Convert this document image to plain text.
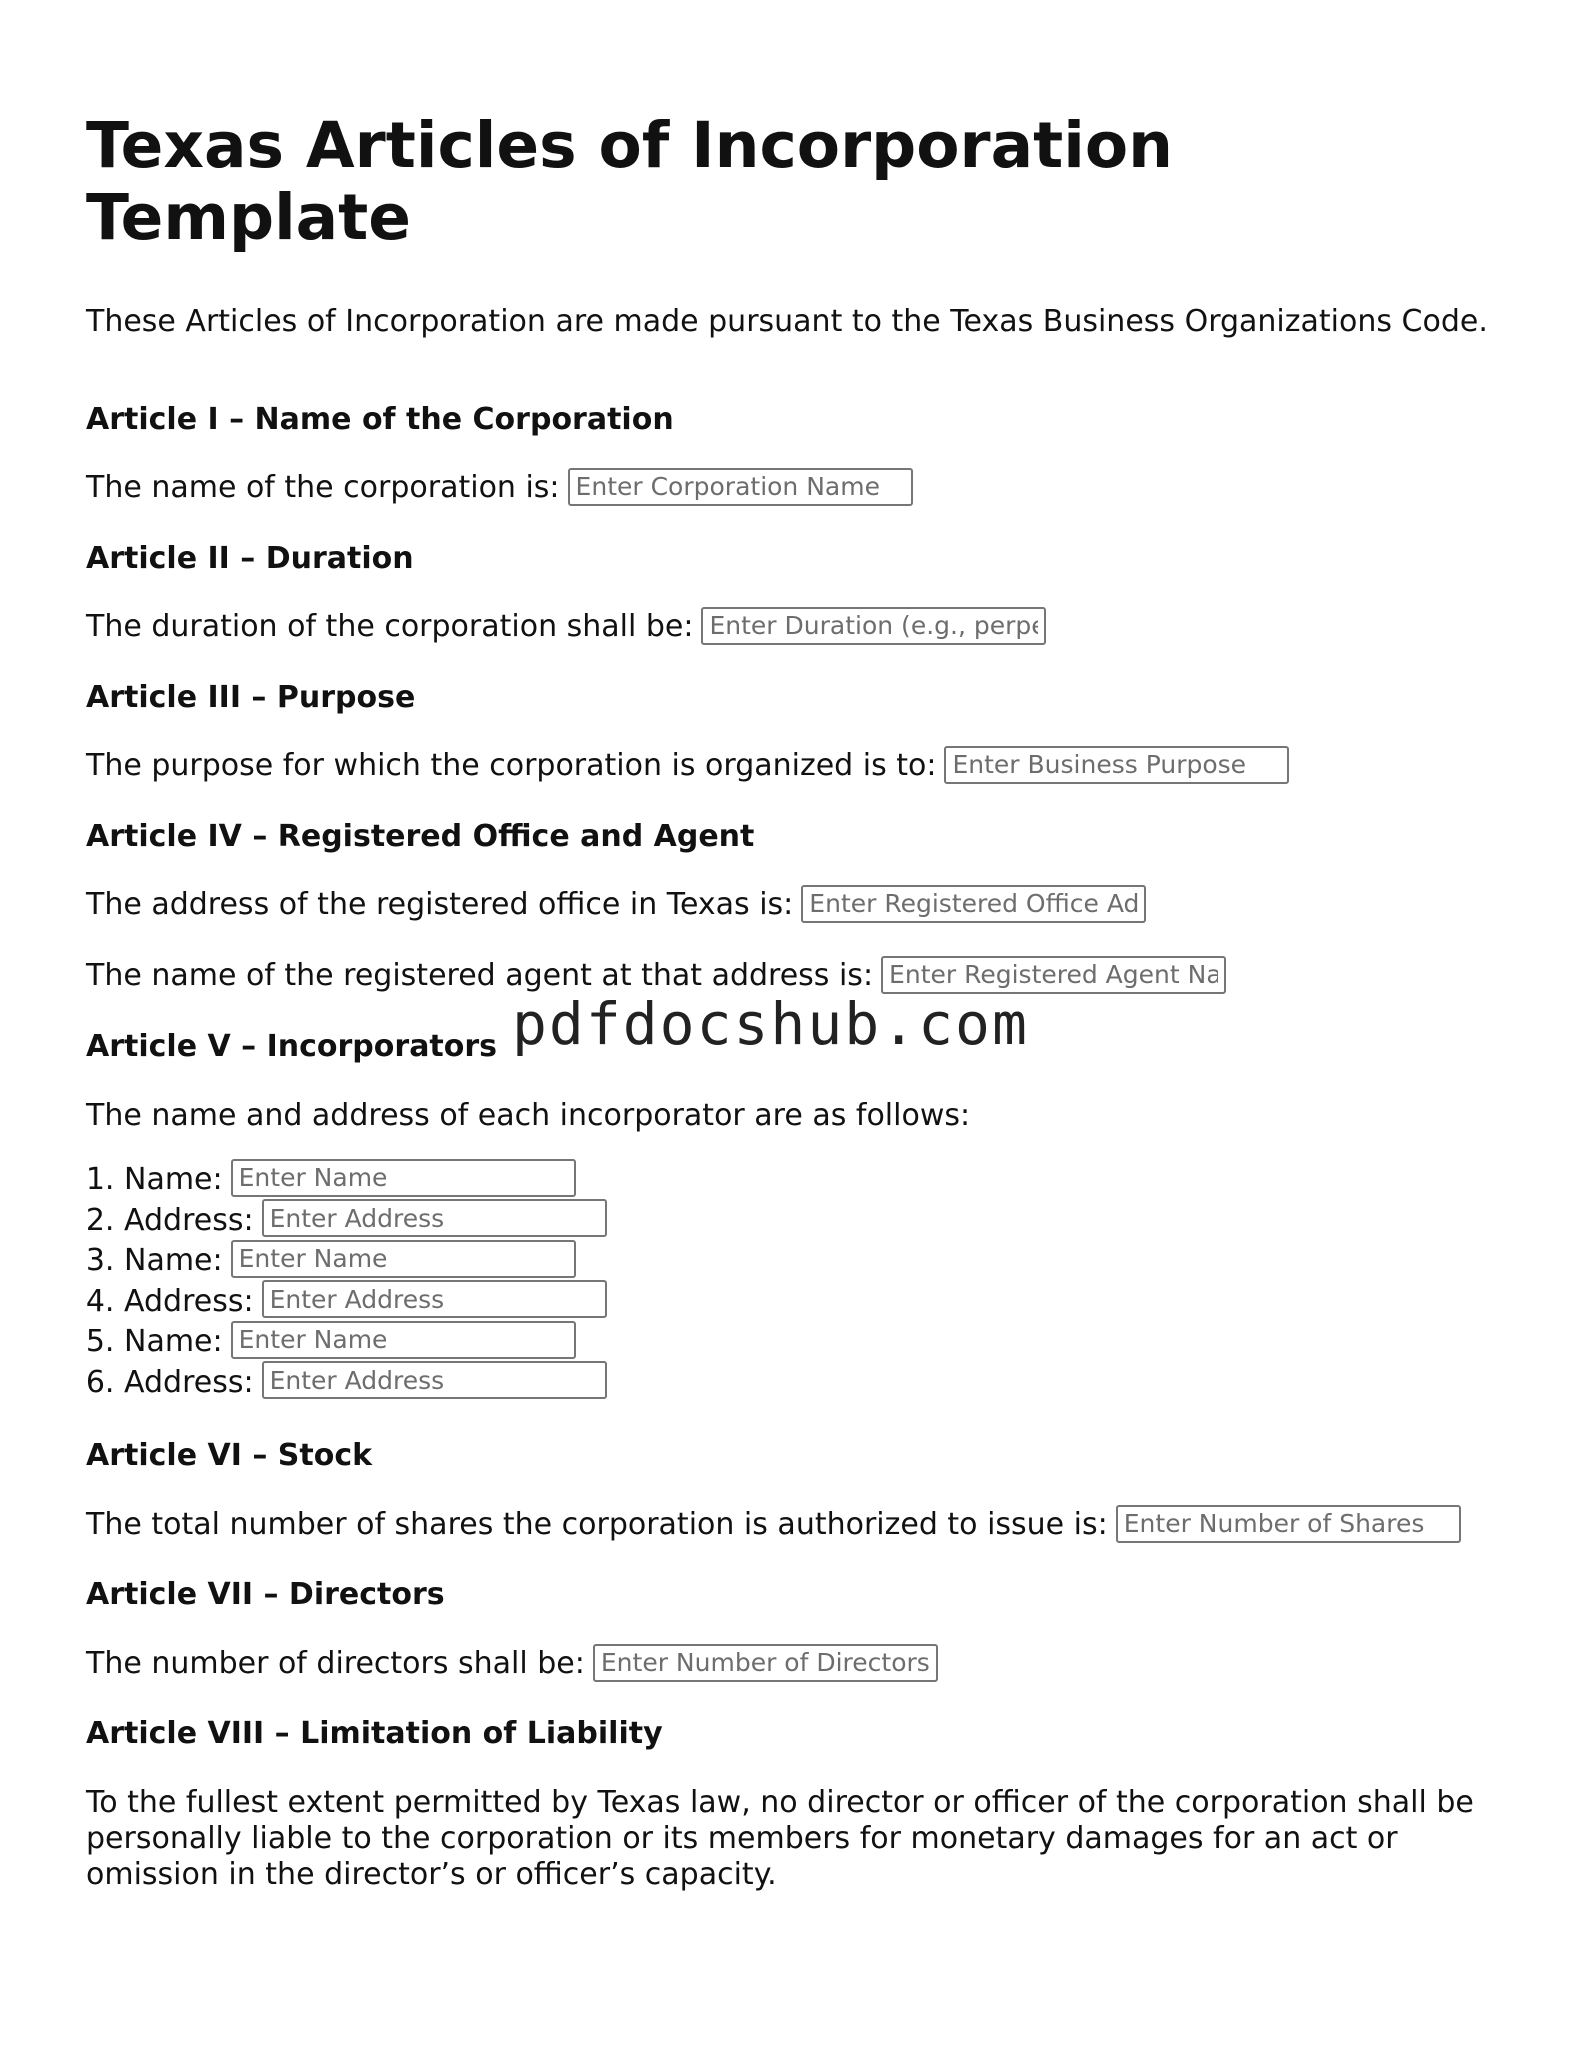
Texas Articles of Incorporation Template

These Articles of Incorporation are made pursuant to the Texas Business Organizations Code.

Article I – Name of the Corporation

The name of the corporation is:Enter Corporation Name

Article II – Duration

The duration of the corporation shall be:Enter Duration (e.g., perpetual)

Article III – Purpose

The purpose for which the corporation is organized is to:Enter Business Purpose

Article IV – Registered Office and Agent

The address of the registered office in Texas is:Enter Registered Office Address

The name of the registered agent at that address is:Enter Registered Agent Name

Article V – Incorporators

The name and address of each incorporator are as follows:

1. Name:Enter Name
2. Address:Enter Address
3. Name:Enter Name
4. Address:Enter Address
5. Name:Enter Name
6. Address:Enter Address

Article VI – Stock

The total number of shares the corporation is authorized to issue is:Enter Number of Shares

Article VII – Directors

The number of directors shall be:Enter Number of Directors

Article VIII – Limitation of Liability

To the fullest extent permitted by Texas law, no director or officer of the corporation shall be personally liable to the corporation or its members for monetary damages for an act or omission in the director’s or officer’s capacity.

pdfdocshub.com
